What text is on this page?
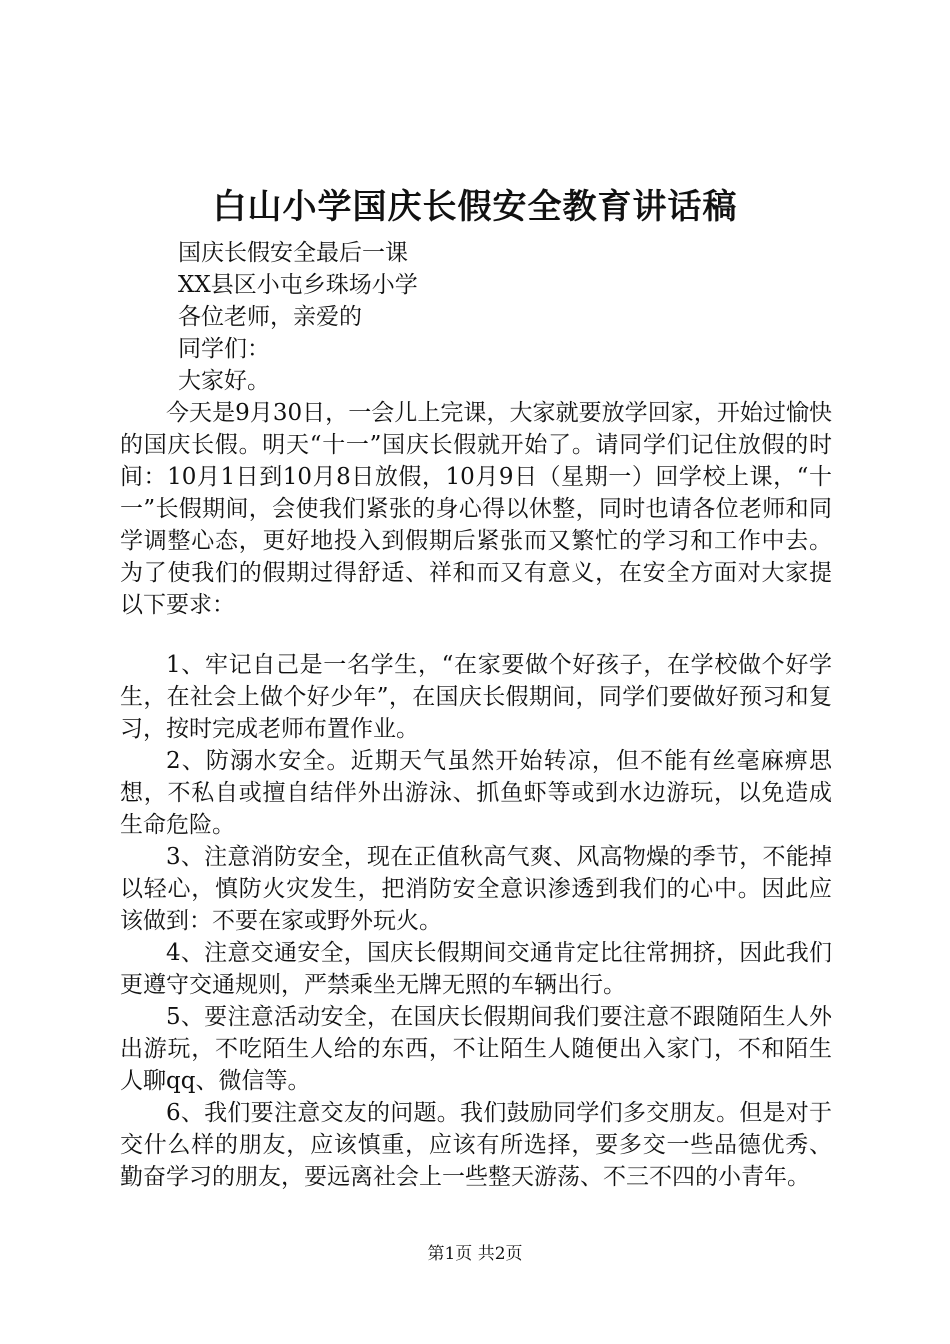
白山小学国庆长假安全教育讲话稿
国庆长假安全最后一课
XX县区小屯乡珠场小学
各位老师，亲爱的
同学们：
大家好。

今天是9月30日，一会儿上完课，大家就要放学回家，开始过愉快的国庆长假。明天“十一”国庆长假就开始了。请同学们记住放假的时间：10月1日到10月8日放假，10月9日（星期一）回学校上课，“十一”长假期间，会使我们紧张的身心得以休整，同时也请各位老师和同学调整心态，更好地投入到假期后紧张而又繁忙的学习和工作中去。为了使我们的假期过得舒适、祥和而又有意义，在安全方面对大家提以下要求：

1、牢记自己是一名学生，“在家要做个好孩子，在学校做个好学生，在社会上做个好少年”，在国庆长假期间，同学们要做好预习和复习，按时完成老师布置作业。

2、防溺水安全。近期天气虽然开始转凉，但不能有丝毫麻痹思想，不私自或擅自结伴外出游泳、抓鱼虾等或到水边游玩，以免造成生命危险。

3、注意消防安全，现在正值秋高气爽、风高物燥的季节，不能掉以轻心，慎防火灾发生，把消防安全意识渗透到我们的心中。因此应该做到：不要在家或野外玩火。

4、注意交通安全，国庆长假期间交通肯定比往常拥挤，因此我们更遵守交通规则，严禁乘坐无牌无照的车辆出行。

5、要注意活动安全，在国庆长假期间我们要注意不跟随陌生人外出游玩，不吃陌生人给的东西，不让陌生人随便出入家门，不和陌生人聊qq、微信等。

6、我们要注意交友的问题。我们鼓励同学们多交朋友。但是对于交什么样的朋友，应该慎重，应该有所选择，要多交一些品德优秀、勤奋学习的朋友，要远离社会上一些整天游荡、不三不四的小青年。

第1页 共2页
